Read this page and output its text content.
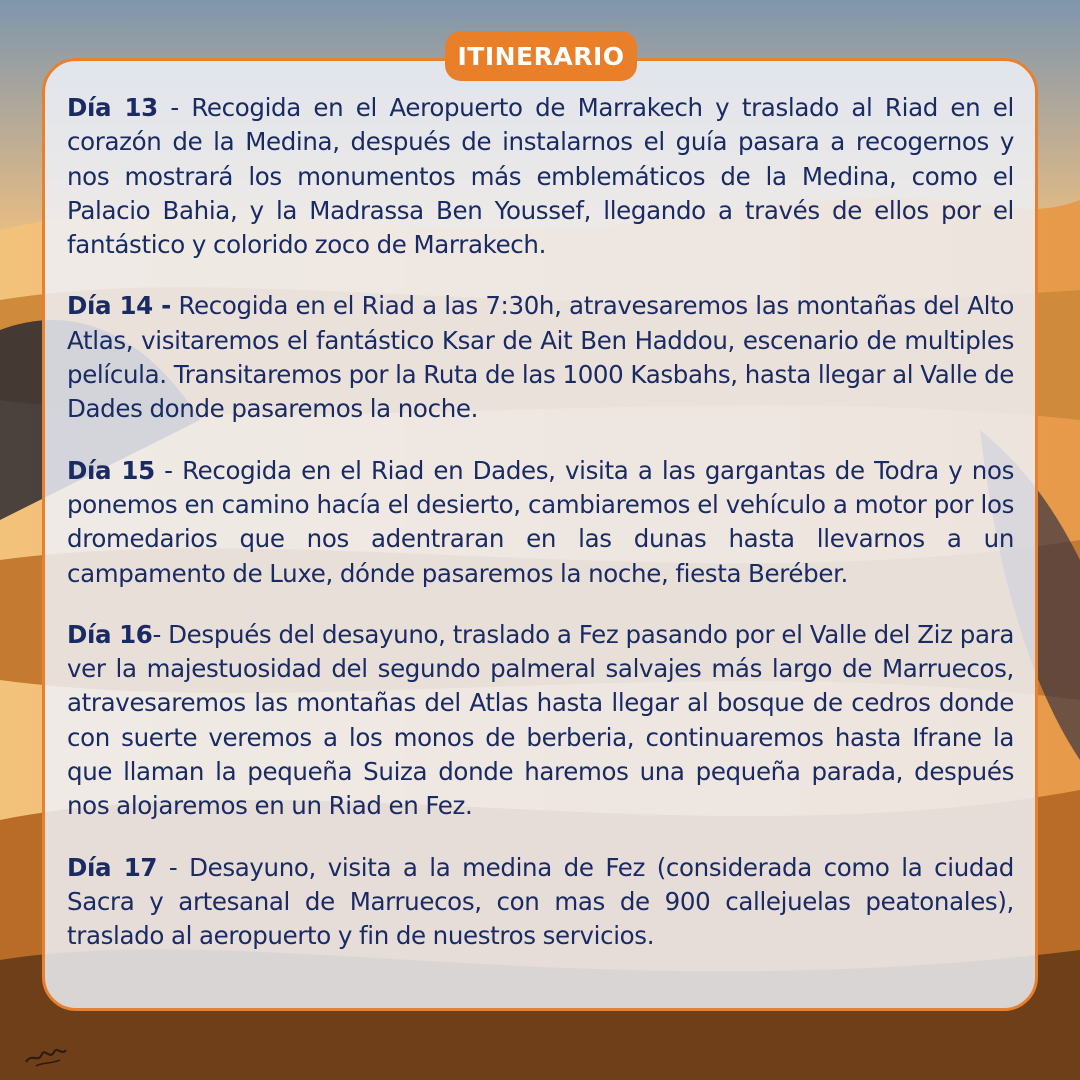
ITINERARIO

Día 13 - Recogida en el Aeropuerto de Marrakech y traslado al Riad en el corazón de la Medina, después de instalarnos el guía pasara a recogernos y nos mostrará los monumentos más emblemáticos de la Medina, como el Palacio Bahia, y la Madrassa Ben Youssef, llegando a través de ellos por el fantástico y colorido zoco de Marrakech.

Día 14 - Recogida en el Riad a las 7:30h, atravesaremos las montañas del Alto Atlas, visitaremos el fantástico Ksar de Ait Ben Haddou, escenario de multiples película. Transitaremos por la Ruta de las 1000 Kasbahs, hasta llegar al Valle de Dades donde pasaremos la noche.

Día 15 - Recogida en el Riad en Dades, visita a las gargantas de Todra y nos ponemos en camino hacía el desierto, cambiaremos el vehículo a motor por los dromedarios que nos adentraran en las dunas hasta llevarnos a un campamento de Luxe, dónde pasaremos la noche, fiesta Beréber.

Día 16- Después del desayuno, traslado a Fez pasando por el Valle del Ziz para ver la majestuosidad del segundo palmeral salvajes más largo de Marruecos, atravesaremos las montañas del Atlas hasta llegar al bosque de cedros donde con suerte veremos a los monos de berberia, continuaremos hasta Ifrane la que llaman la pequeña Suiza donde haremos una pequeña parada, después nos alojaremos en un Riad en Fez.

Día 17 - Desayuno, visita a la medina de Fez (considerada como la ciudad Sacra y artesanal de Marruecos, con mas de 900 callejuelas peatonales), traslado al aeropuerto y fin de nuestros servicios.
